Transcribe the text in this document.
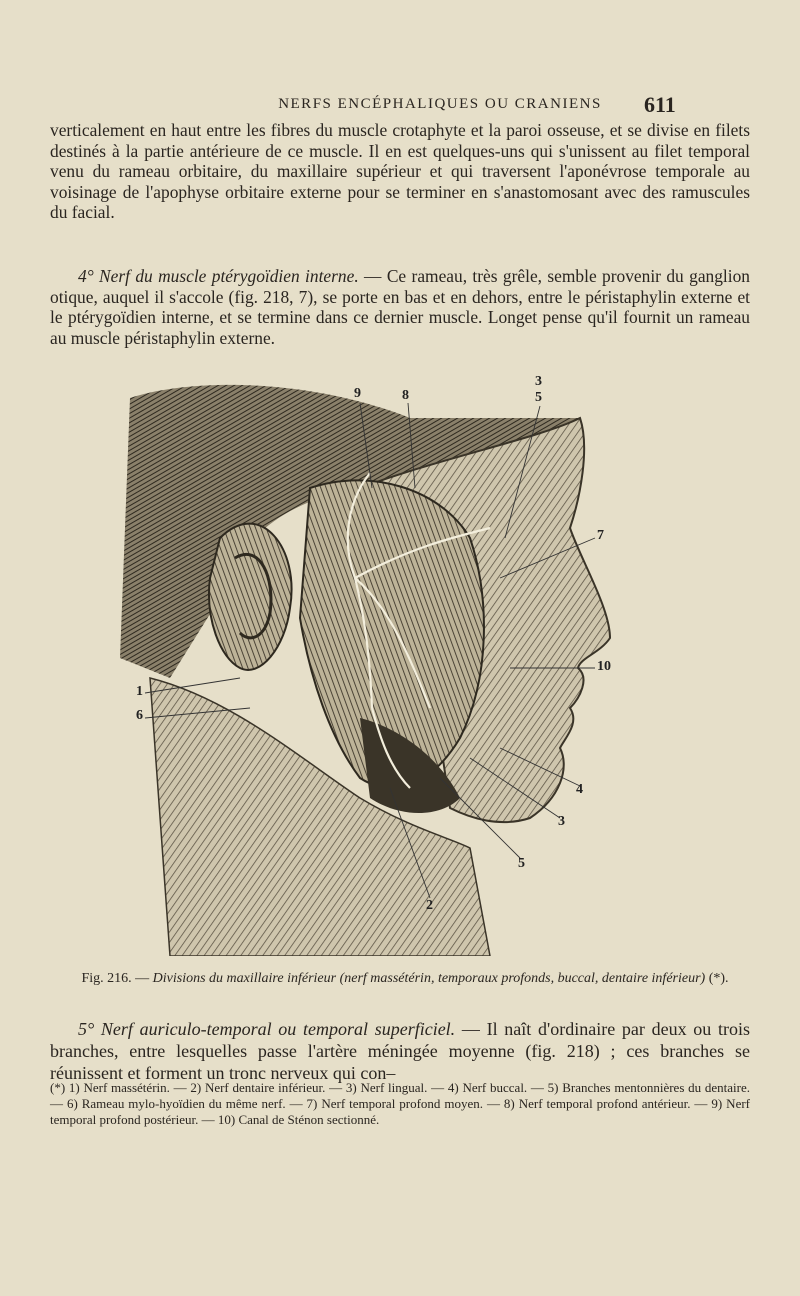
NERFS ENCÉPHALIQUES OU CRANIENS	611
verticalement en haut entre les fibres du muscle crotaphyte et la paroi osseuse, et se divise en filets destinés à la partie antérieure de ce muscle. Il en est quelques-uns qui s'unissent au filet temporal venu du rameau orbitaire, du maxillaire supérieur et qui traversent l'aponévrose temporale au voisinage de l'apophyse orbitaire externe pour se terminer en s'anastomosant avec des ramuscules du facial.
4° Nerf du muscle ptérygoïdien interne. — Ce rameau, très grêle, semble provenir du ganglion otique, auquel il s'accole (fig. 218, 7), se porte en bas et en dehors, entre le péristaphylin externe et le ptérygoïdien interne, et se termine dans ce dernier muscle. Longet pense qu'il fournit un rameau au muscle péristaphylin externe.
9	8
3
5
7
10
1
6
4
3
5
2
Fig. 216. — Divisions du maxillaire inférieur (nerf massétérin, temporaux profonds, buccal, dentaire inférieur) (*).
5° Nerf auriculo-temporal ou temporal superficiel. — Il naît d'ordinaire par deux ou trois branches, entre lesquelles passe l'artère méningée moyenne (fig. 218) ; ces branches se réunissent et forment un tronc nerveux qui con–
(*) 1) Nerf massétérin. — 2) Nerf dentaire inférieur. — 3) Nerf lingual. — 4) Nerf buccal. — 5) Branches mentonnières du dentaire. — 6) Rameau mylo-hyoïdien du même nerf. — 7) Nerf temporal profond moyen. — 8) Nerf temporal profond antérieur. — 9) Nerf temporal profond postérieur. — 10) Canal de Sténon sectionné.
